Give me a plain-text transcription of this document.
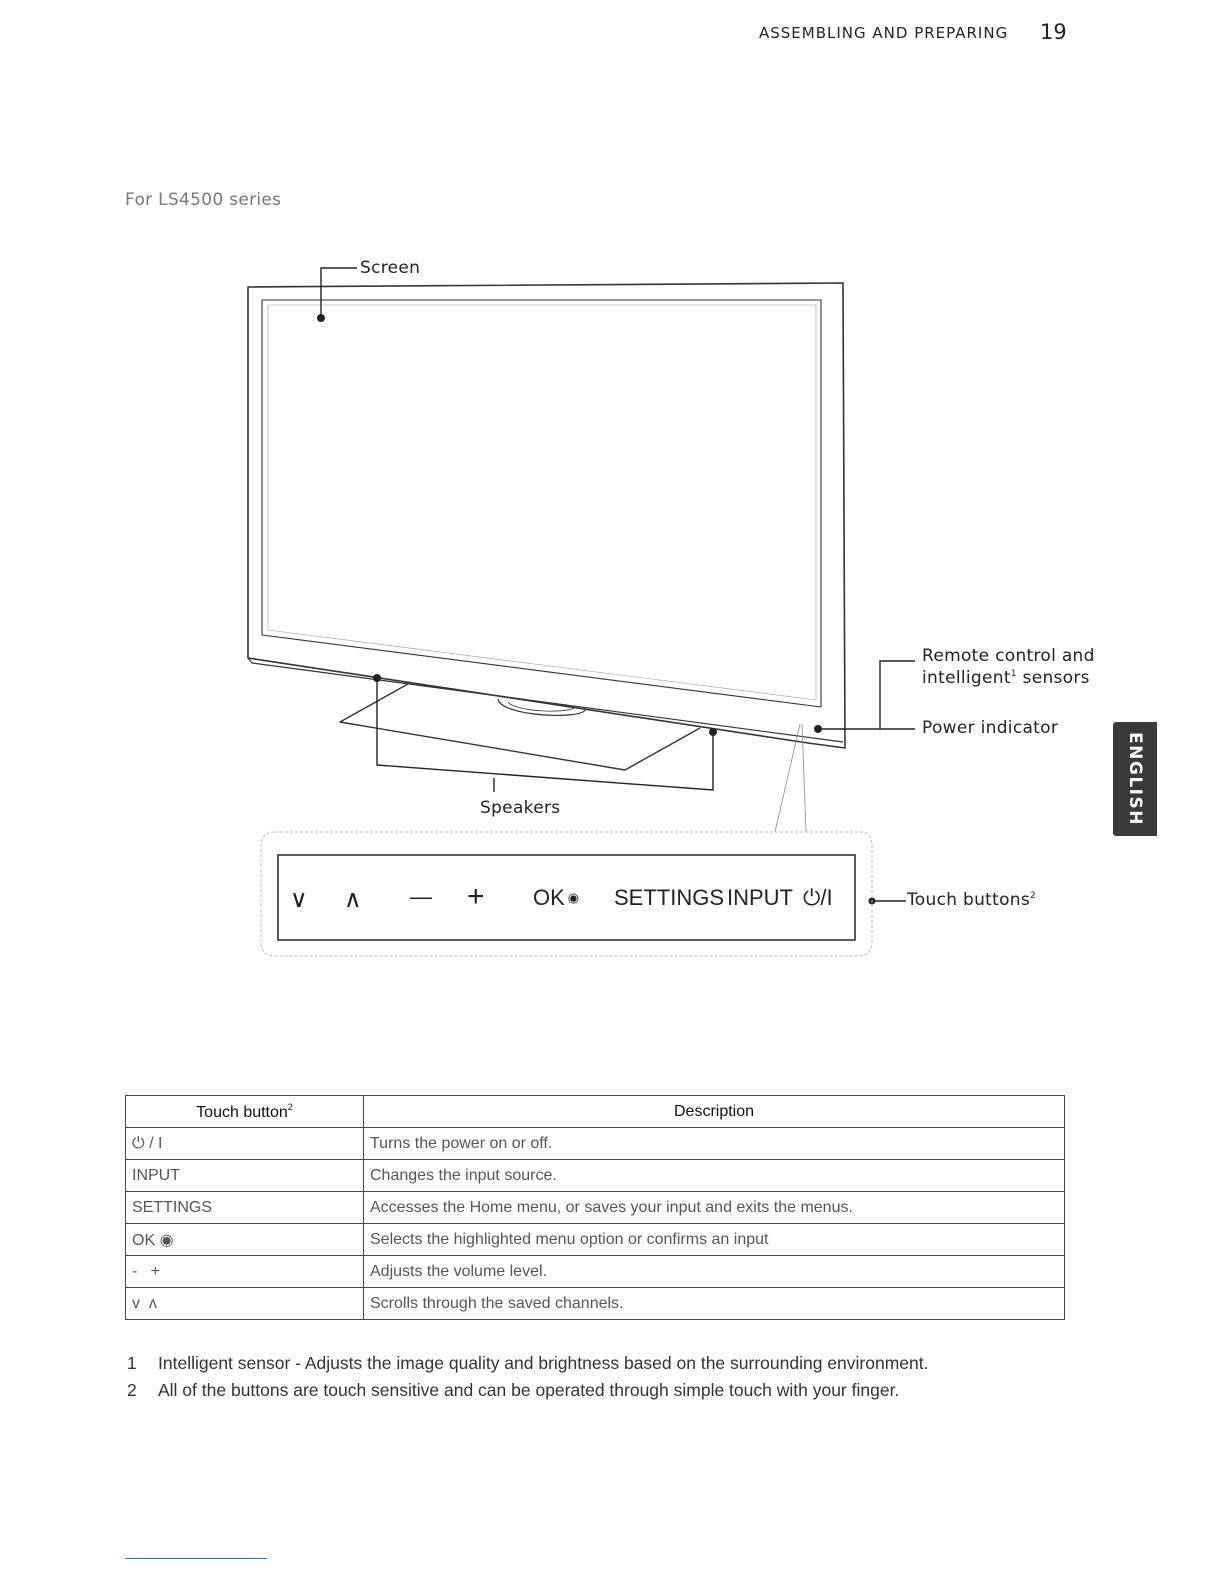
ASSEMBLING AND PREPARING 19
For LS4500 series
Screen
Speakers
Remote control and
intelligent$^1$ sensors
Power indicator
Touch buttons$^2$
∨ ∧ — + OK ◉ SETTINGS INPUT ⏻/I
ENGLISH
Touch button$^2$	Description
⏻ / I	Turns the power on or off.
INPUT	Changes the input source.
SETTINGS	Accesses the Home menu, or saves your input and exits the menus.
OK ◉	Selects the highlighted menu option or confirms an input
-   +	Adjusts the volume level.
v  ʌ	Scrolls through the saved channels.
1 Intelligent sensor - Adjusts the image quality and brightness based on the surrounding environment.
2 All of the buttons are touch sensitive and can be operated through simple touch with your finger.
